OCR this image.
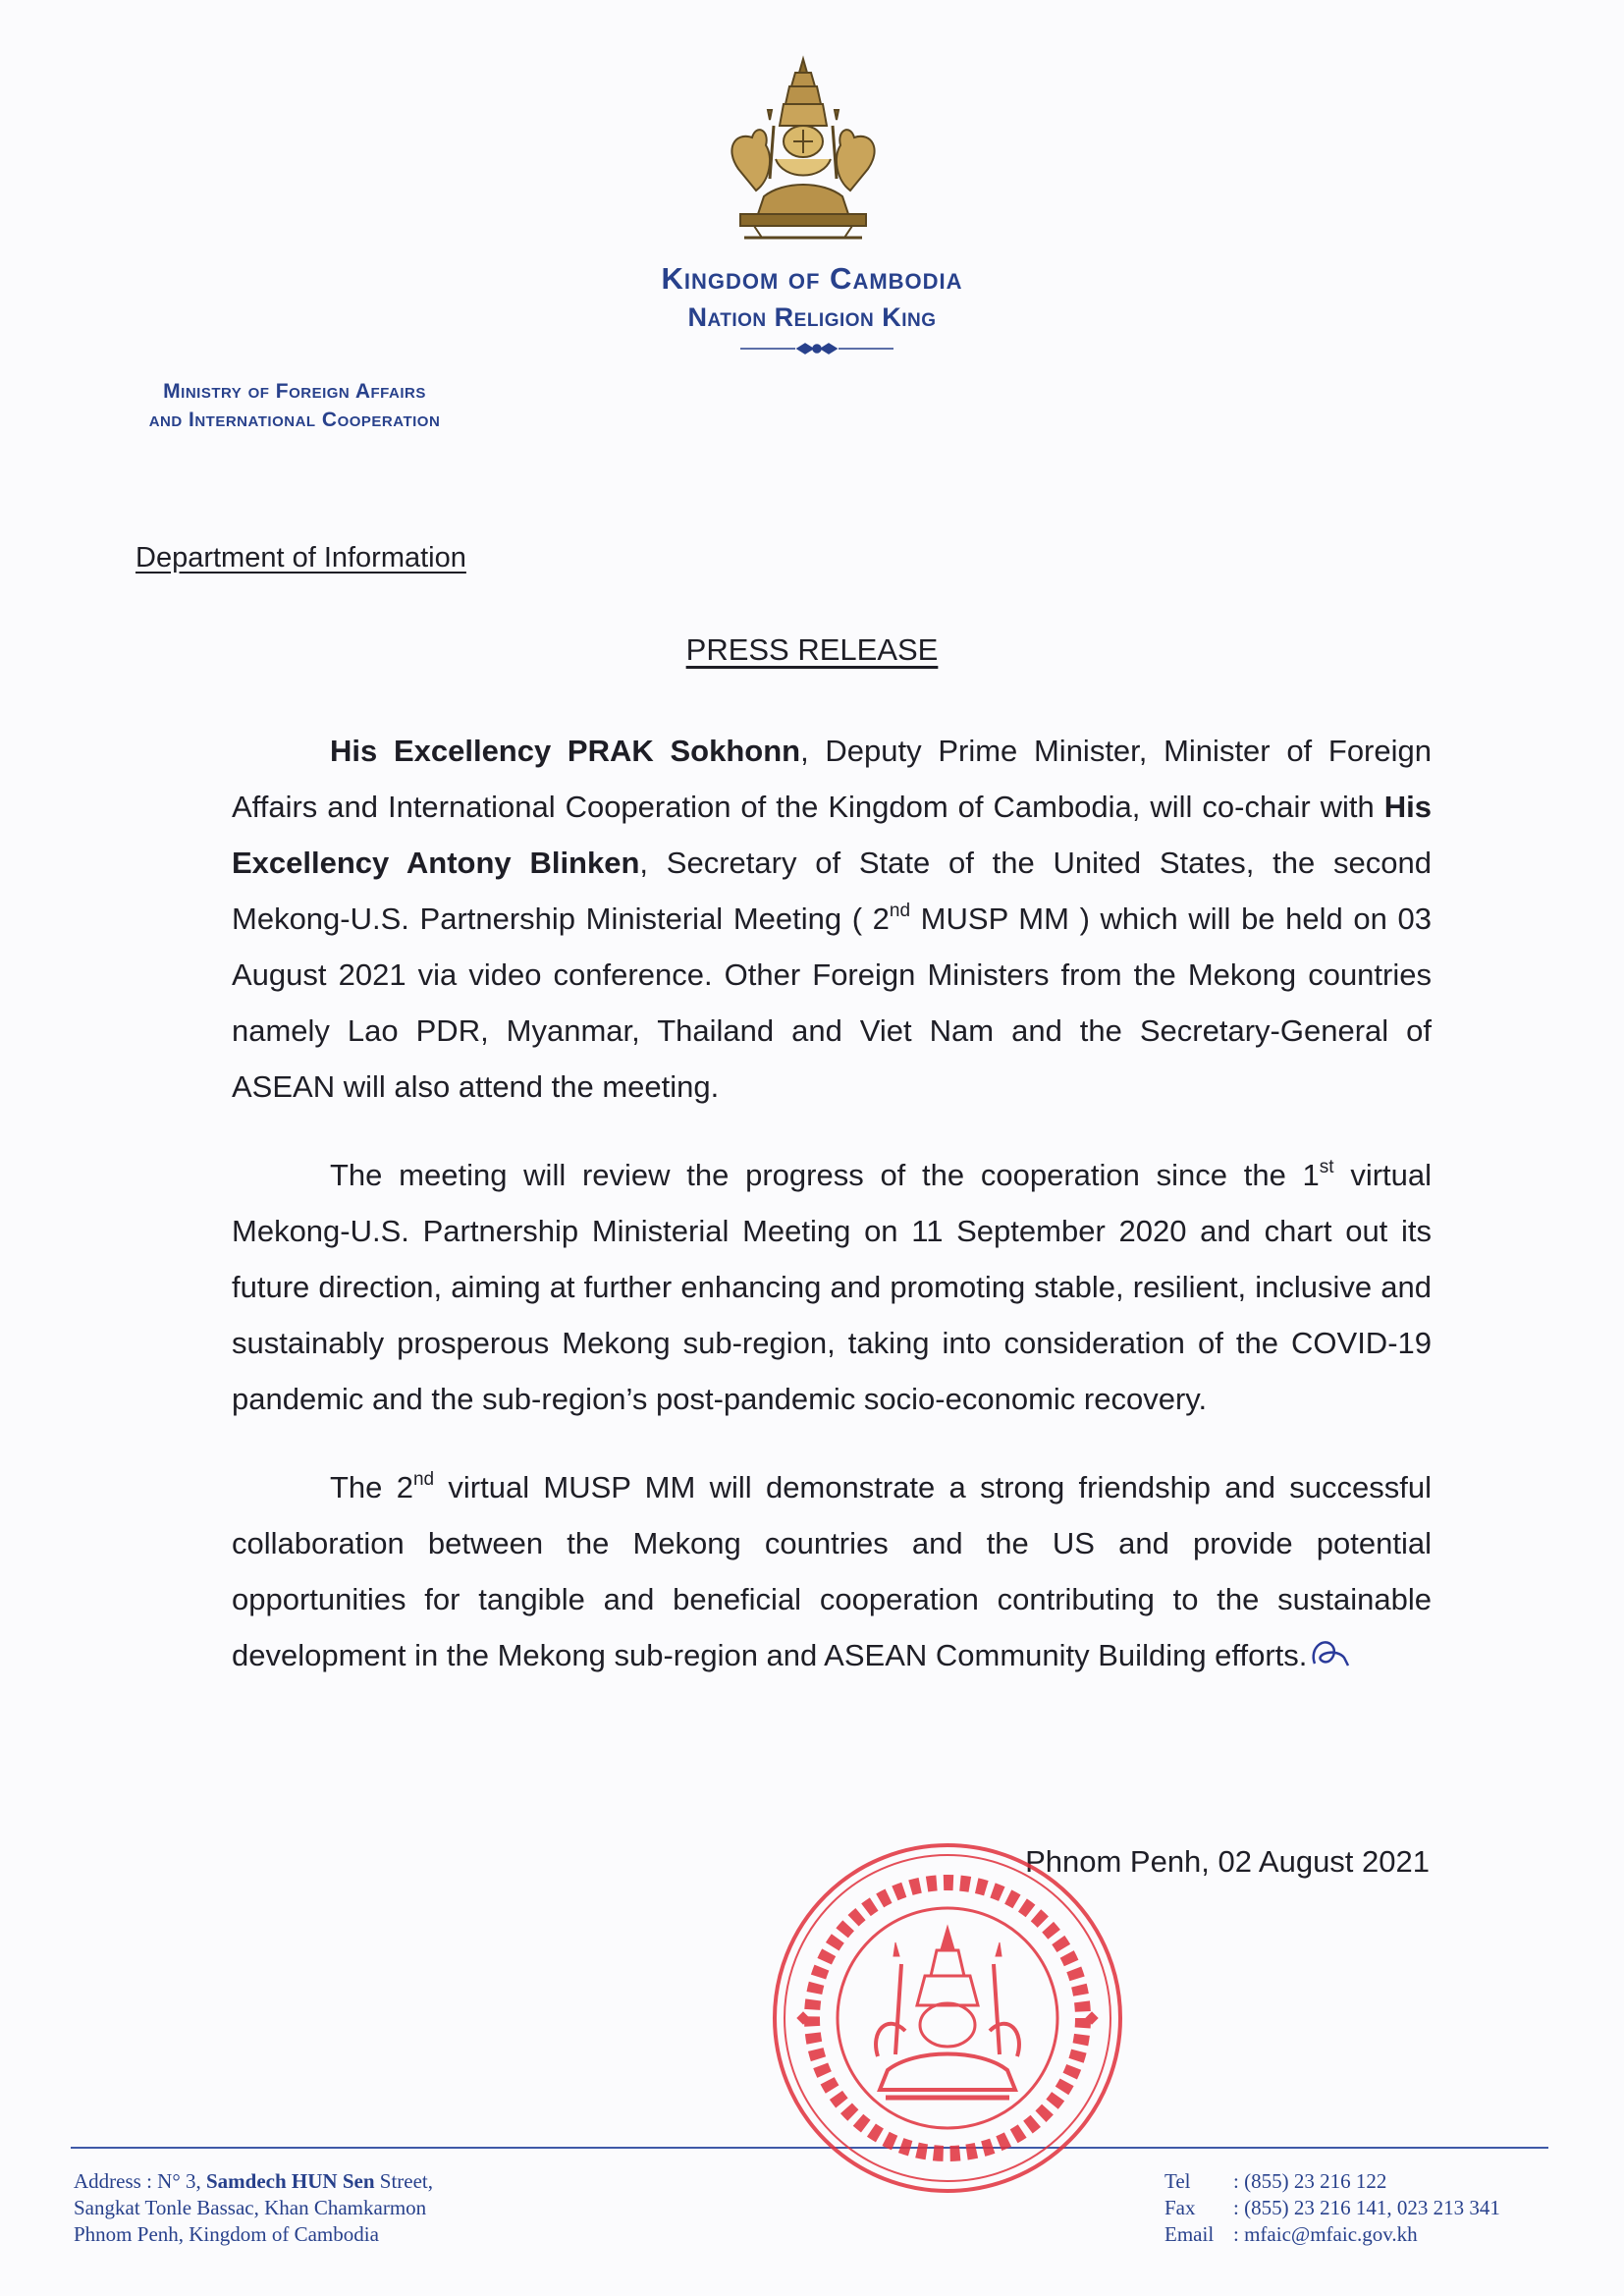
Kingdom of Cambodia
Nation Religion King
Ministry of Foreign Affairs
and International Cooperation
Department of Information
PRESS RELEASE

His Excellency PRAK Sokhonn, Deputy Prime Minister, Minister of Foreign Affairs and International Cooperation of the Kingdom of Cambodia, will co-chair with His Excellency Antony Blinken, Secretary of State of the United States, the second Mekong-U.S. Partnership Ministerial Meeting ( 2nd MUSP MM ) which will be held on 03 August 2021 via video conference. Other Foreign Ministers from the Mekong countries namely Lao PDR, Myanmar, Thailand and Viet Nam and the Secretary-General of ASEAN will also attend the meeting.

The meeting will review the progress of the cooperation since the 1st virtual Mekong-U.S. Partnership Ministerial Meeting on 11 September 2020 and chart out its future direction, aiming at further enhancing and promoting stable, resilient, inclusive and sustainably prosperous Mekong sub-region, taking into consideration of the COVID-19 pandemic and the sub-region’s post-pandemic socio-economic recovery.

The 2nd virtual MUSP MM will demonstrate a strong friendship and successful collaboration between the Mekong countries and the US and provide potential opportunities for tangible and beneficial cooperation contributing to the sustainable development in the Mekong sub-region and ASEAN Community Building efforts.

Phnom Penh, 02 August 2021
Address : N° 3, Samdech HUN Sen Street,
Sangkat Tonle Bassac, Khan Chamkarmon
Phnom Penh, Kingdom of Cambodia
Tel : (855) 23 216 122
Fax : (855) 23 216 141, 023 213 341
Email : mfaic@mfaic.gov.kh
